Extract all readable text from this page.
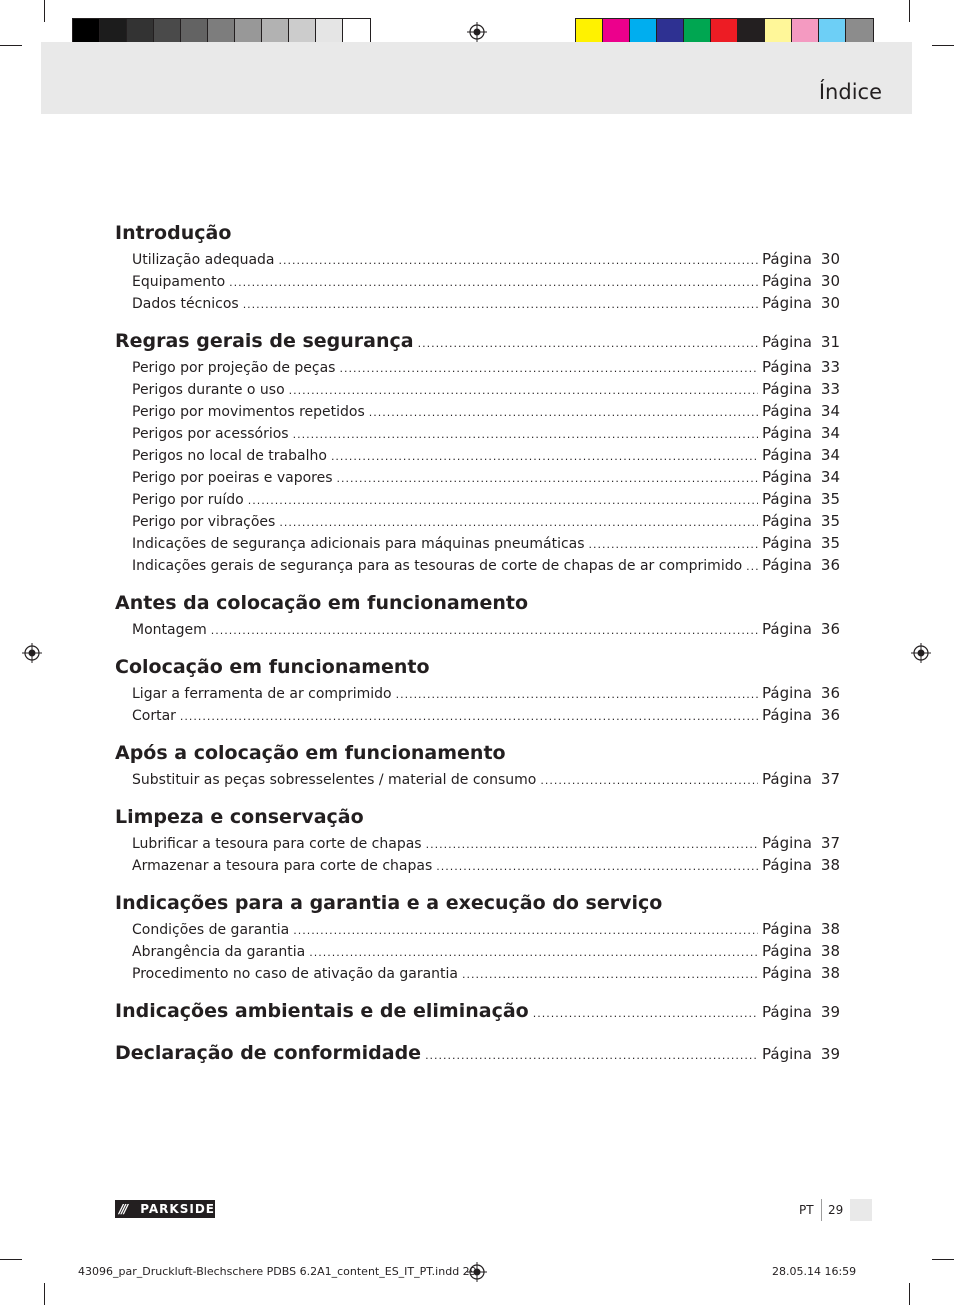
Índice
Introdução
Utilização adequada .....	Página 30
Equipamento .....	Página 30
Dados técnicos .....	Página 30
Regras gerais de segurança .....	Página 31
Perigo por projeção de peças .....	Página 33
Perigos durante o uso .....	Página 33
Perigo por movimentos repetidos .....	Página 34
Perigos por acessórios .....	Página 34
Perigos no local de trabalho .....	Página 34
Perigo por poeiras e vapores .....	Página 34
Perigo por ruído .....	Página 35
Perigo por vibrações .....	Página 35
Indicações de segurança adicionais para máquinas pneumáticas .....	Página 35
Indicações gerais de segurança para as tesouras de corte de chapas de ar comprimido ..... Página 36
Antes da colocação em funcionamento
Montagem .....	Página 36
Colocação em funcionamento
Ligar a ferramenta de ar comprimido .....	Página 36
Cortar .....	Página 36
Após a colocação em funcionamento
Substituir as peças sobresselentes / material de consumo .....	Página 37
Limpeza e conservação
Lubrificar a tesoura para corte de chapas .....	Página 37
Armazenar a tesoura para corte de chapas .....	Página 38
Indicações para a garantia e a execução do serviço
Condições de garantia .....	Página 38
Abrangência da garantia .....	Página 38
Procedimento no caso de ativação da garantia .....	Página 38
Indicações ambientais e de eliminação .....	Página 39
Declaração de conformidade .....	Página 39
///	PARKSIDE	PT 29
43096_par_Druckluft-Blechschere PDBS 6.2A1_content_ES_IT_PT.indd 29	28.05.14 16:59
